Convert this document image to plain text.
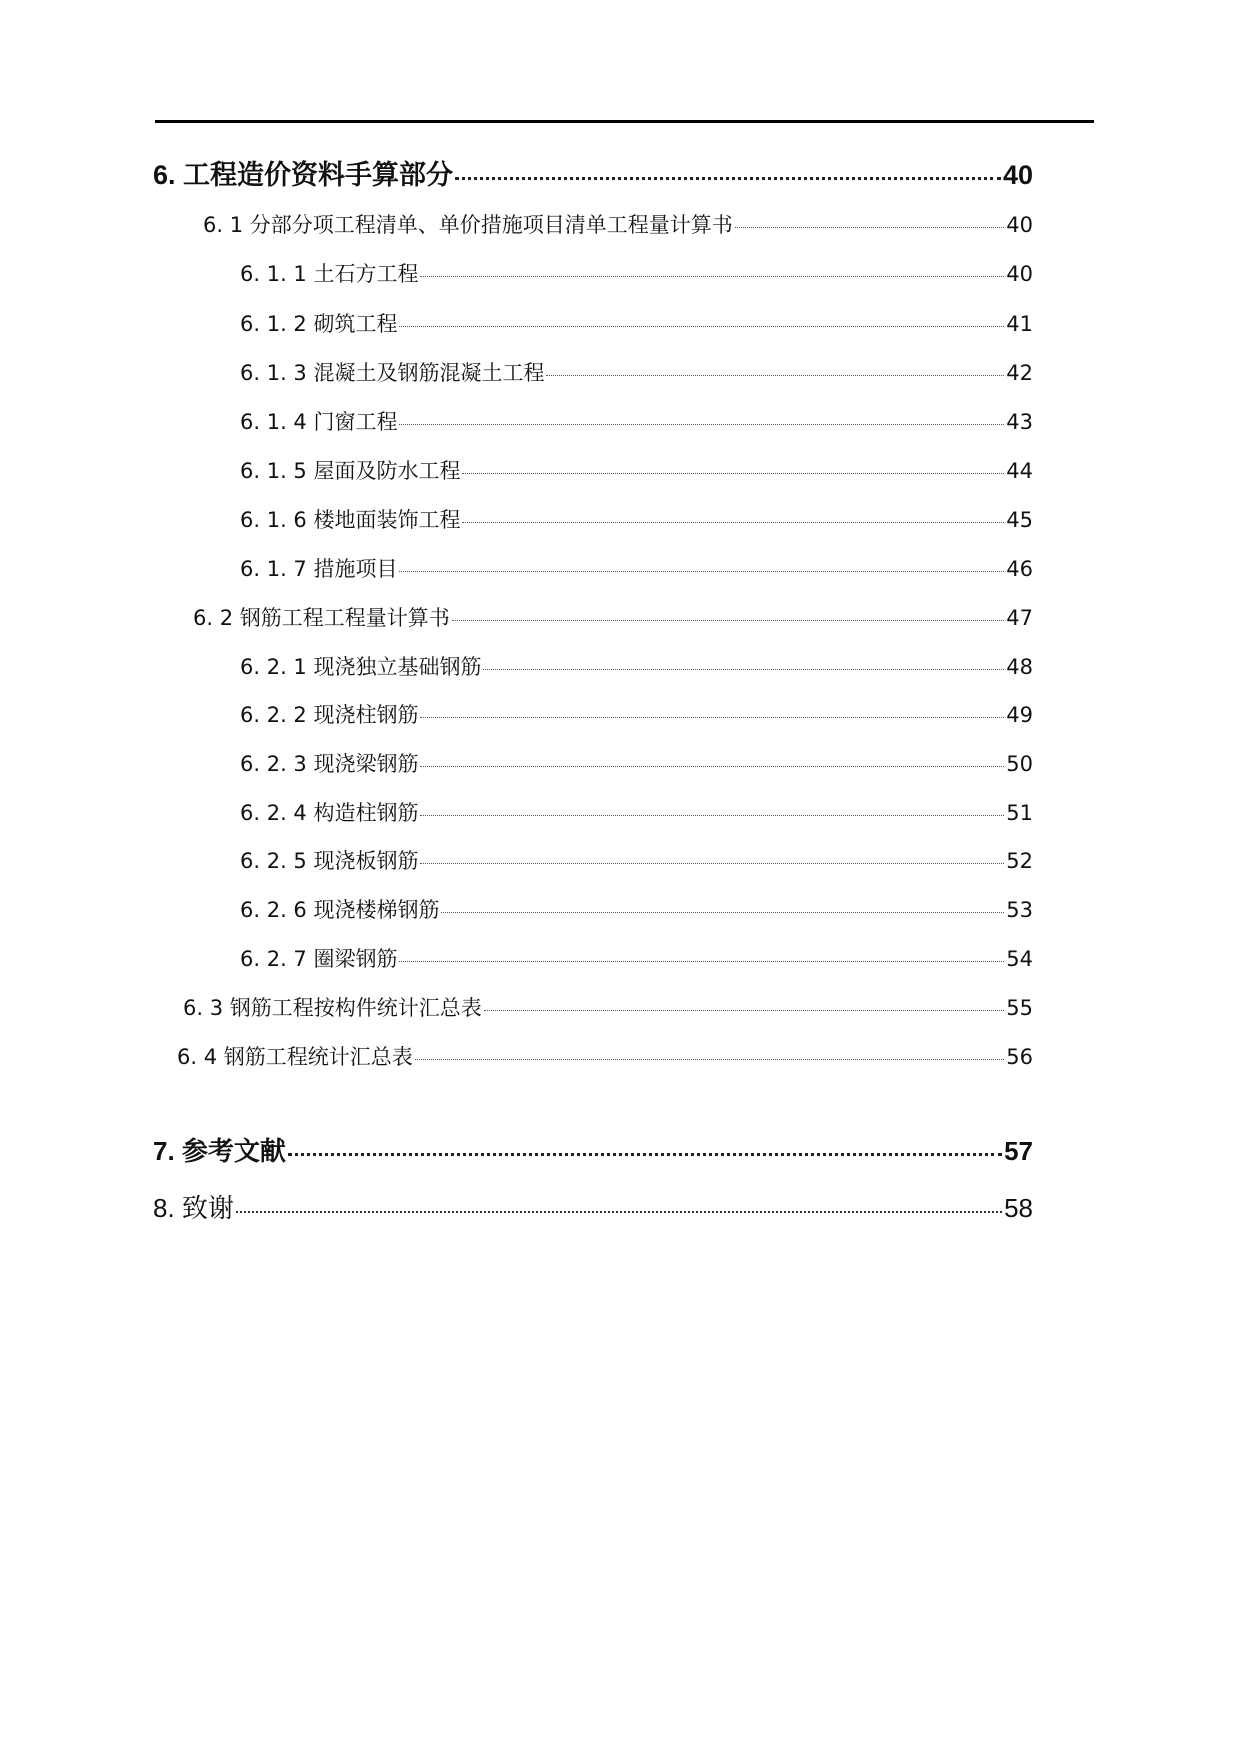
6. 工程造价资料手算部分	40
6. 1 分部分项工程清单、单价措施项目清单工程量计算书	40
6. 1. 1 土石方工程	40
6. 1. 2 砌筑工程	41
6. 1. 3 混凝土及钢筋混凝土工程	42
6. 1. 4 门窗工程	43
6. 1. 5 屋面及防水工程	44
6. 1. 6 楼地面装饰工程	45
6. 1. 7 措施项目	46
6. 2 钢筋工程工程量计算书	47
6. 2. 1 现浇独立基础钢筋	48
6. 2. 2 现浇柱钢筋	49
6. 2. 3 现浇梁钢筋	50
6. 2. 4 构造柱钢筋	51
6. 2. 5 现浇板钢筋	52
6. 2. 6 现浇楼梯钢筋	53
6. 2. 7 圈梁钢筋	54
6. 3 钢筋工程按构件统计汇总表	55
6. 4 钢筋工程统计汇总表	56
7. 参考文献	57
8. 致谢	58
